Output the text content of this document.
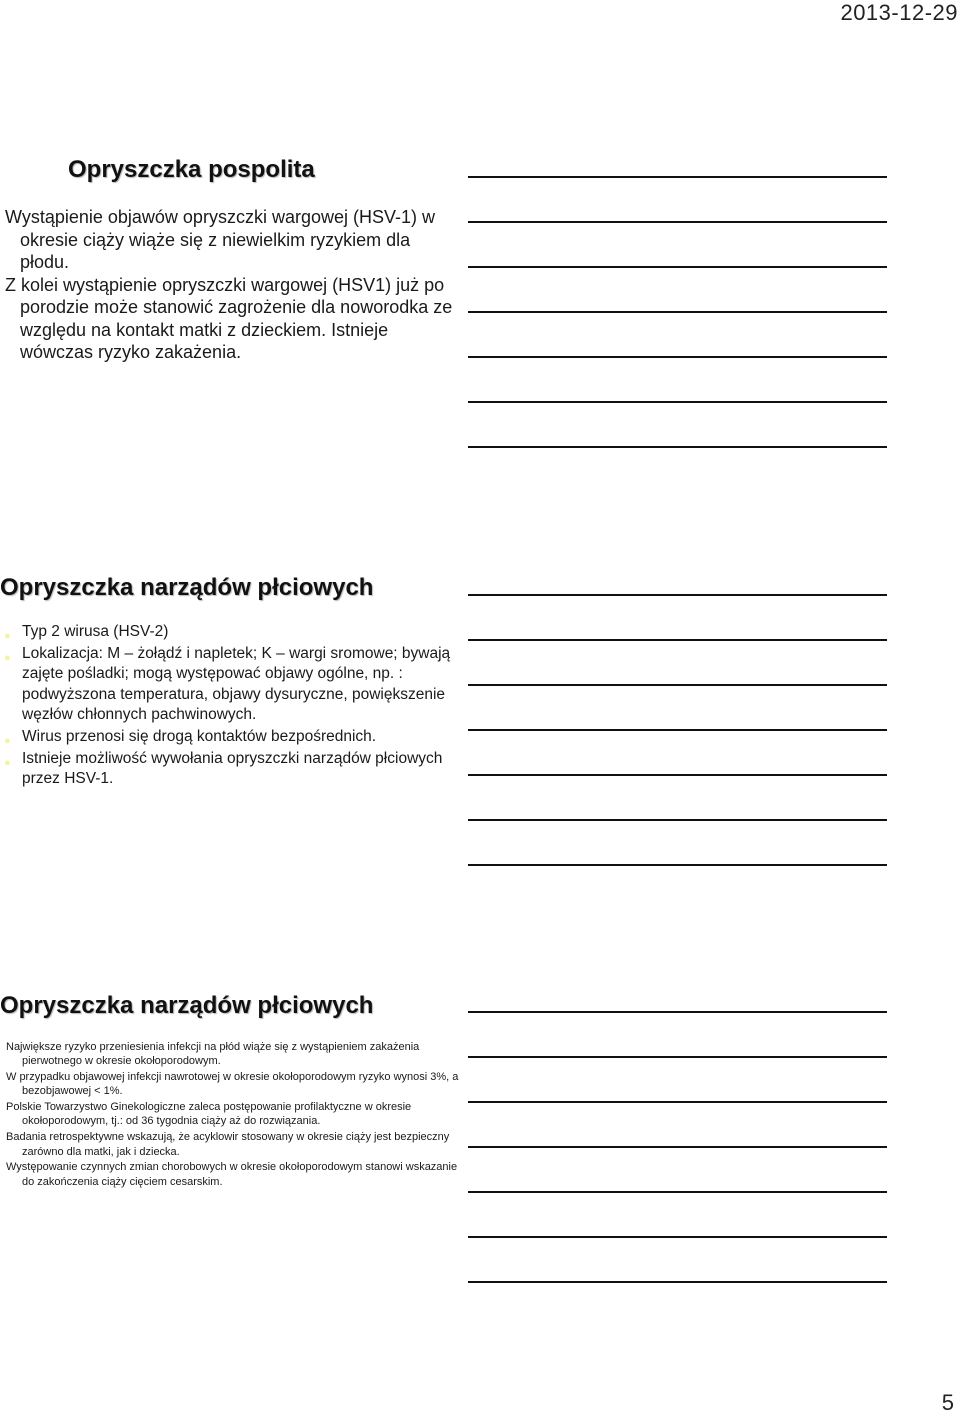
2013-12-29
Opryszczka pospolita
Wystąpienie objawów opryszczki wargowej (HSV-1) w okresie ciąży wiąże się z niewielkim ryzykiem dla płodu.
Z kolei wystąpienie opryszczki wargowej (HSV1) już po porodzie może stanowić zagrożenie dla noworodka ze względu na kontakt matki z dzieckiem. Istnieje wówczas ryzyko zakażenia.
Opryszczka narządów płciowych
● Typ 2 wirusa (HSV-2)
● Lokalizacja: M – żołądź i napletek; K – wargi sromowe; bywają zajęte pośladki; mogą występować objawy ogólne, np. : podwyższona temperatura, objawy dysuryczne, powiększenie węzłów chłonnych pachwinowych.
● Wirus przenosi się drogą kontaktów bezpośrednich.
● Istnieje możliwość wywołania opryszczki narządów płciowych przez HSV-1.
Opryszczka narządów płciowych
Największe ryzyko przeniesienia infekcji na płód wiąże się z wystąpieniem zakażenia pierwotnego w okresie okołoporodowym.
W przypadku objawowej infekcji nawrotowej w okresie okołoporodowym ryzyko wynosi 3%, a bezobjawowej < 1%.
Polskie Towarzystwo Ginekologiczne zaleca postępowanie profilaktyczne w okresie okołoporodowym, tj.: od 36 tygodnia ciąży aż do rozwiązania.
Badania retrospektywne wskazują, że acyklowir stosowany w okresie ciąży jest bezpieczny zarówno dla matki, jak i dziecka.
Występowanie czynnych zmian chorobowych w okresie okołoporodowym stanowi wskazanie do zakończenia ciąży cięciem cesarskim.
5
